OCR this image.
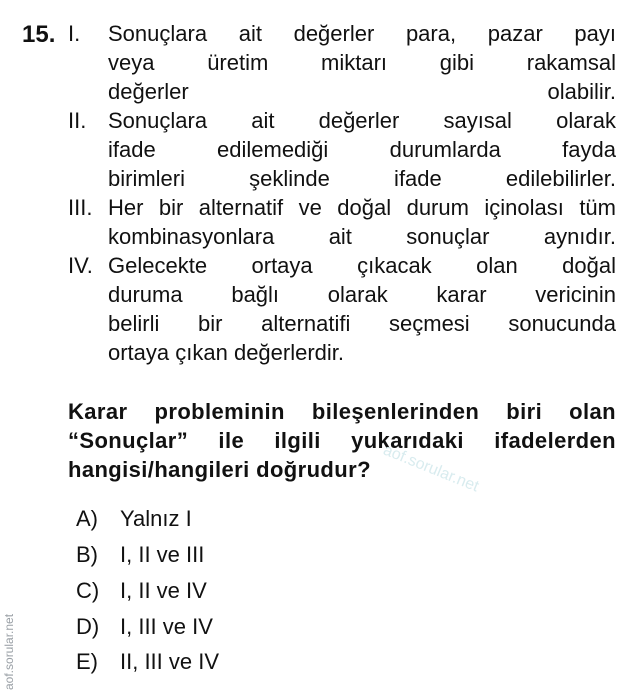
15. I. Sonuçlara ait değerler para, pazar payı
veya üretim miktarı gibi rakamsal
değerler olabilir.
II. Sonuçlara ait değerler sayısal olarak
ifade edilemediği durumlarda fayda
birimleri şeklinde ifade edilebilirler.
III. Her bir alternatif ve doğal durum içinolası tüm
kombinasyonlara ait sonuçlar aynıdır.
IV. Gelecekte ortaya çıkacak olan doğal
duruma bağlı olarak karar vericinin
belirli bir alternatifi seçmesi sonucunda
ortaya çıkan değerlerdir.
Karar probleminin bileşenlerinden biri olan
“Sonuçlar” ile ilgili yukarıdaki ifadelerden
hangisi/hangileri doğrudur?
A) Yalnız I
B) I, II ve III
C) I, II ve IV
D) I, III ve IV
E) II, III ve IV
aof.sorular.net
aof.sorular.net
